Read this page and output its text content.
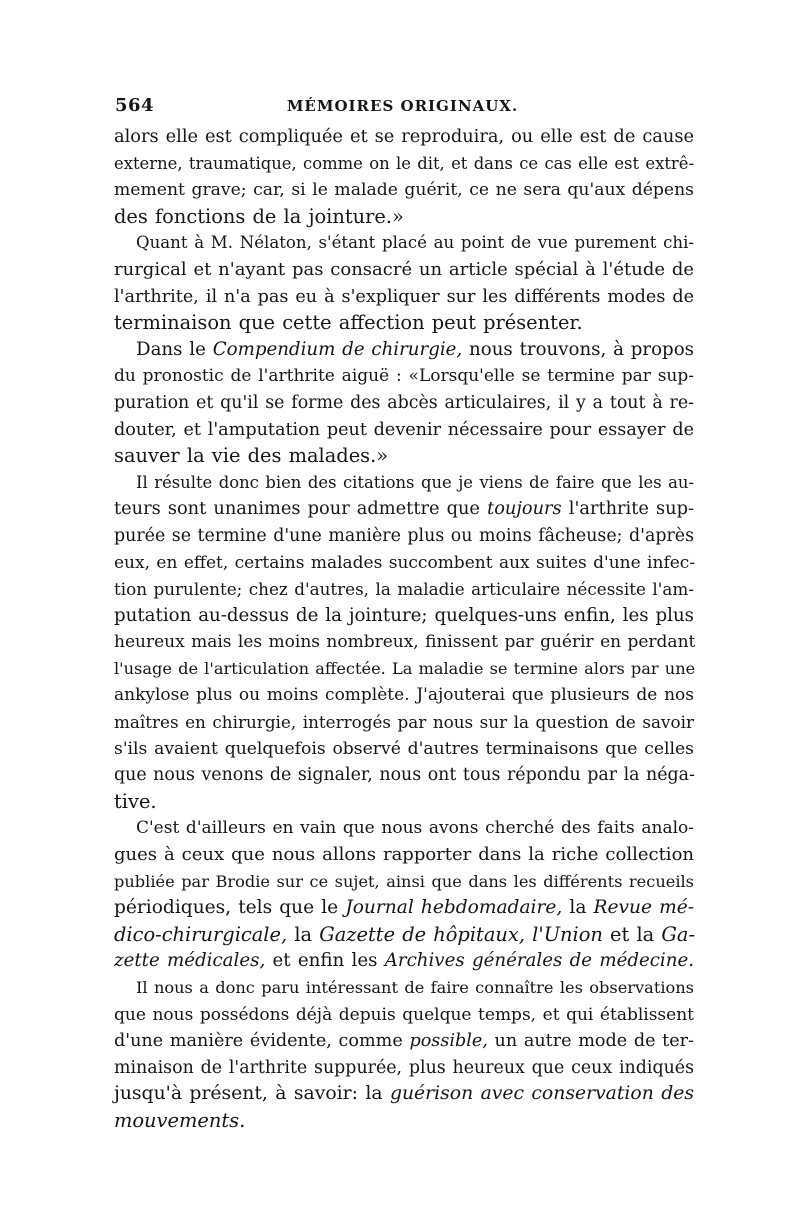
564	MÉMOIRES ORIGINAUX.
alors elle est compliquée et se reproduira, ou elle est de cause
externe, traumatique, comme on le dit, et dans ce cas elle est extrê-
mement grave; car, si le malade guérit, ce ne sera qu'aux dépens
des fonctions de la jointure.»
Quant à M. Nélaton, s'étant placé au point de vue purement chi-
rurgical et n'ayant pas consacré un article spécial à l'étude de
l'arthrite, il n'a pas eu à s'expliquer sur les différents modes de
terminaison que cette affection peut présenter.
Dans le Compendium de chirurgie, nous trouvons, à propos
du pronostic de l'arthrite aiguë : «Lorsqu'elle se termine par sup-
puration et qu'il se forme des abcès articulaires, il y a tout à re-
douter, et l'amputation peut devenir nécessaire pour essayer de
sauver la vie des malades.»
Il résulte donc bien des citations que je viens de faire que les au-
teurs sont unanimes pour admettre que toujours l'arthrite sup-
purée se termine d'une manière plus ou moins fâcheuse; d'après
eux, en effet, certains malades succombent aux suites d'une infec-
tion purulente; chez d'autres, la maladie articulaire nécessite l'am-
putation au-dessus de la jointure; quelques-uns enfin, les plus
heureux mais les moins nombreux, finissent par guérir en perdant
l'usage de l'articulation affectée. La maladie se termine alors par une
ankylose plus ou moins complète. J'ajouterai que plusieurs de nos
maîtres en chirurgie, interrogés par nous sur la question de savoir
s'ils avaient quelquefois observé d'autres terminaisons que celles
que nous venons de signaler, nous ont tous répondu par la néga-
tive.
C'est d'ailleurs en vain que nous avons cherché des faits analo-
gues à ceux que nous allons rapporter dans la riche collection
publiée par Brodie sur ce sujet, ainsi que dans les différents recueils
périodiques, tels que le Journal hebdomadaire, la Revue mé-
dico-chirurgicale, la Gazette de hôpitaux, l'Union et la Ga-
zette médicales, et enfin les Archives générales de médecine.
Il nous a donc paru intéressant de faire connaître les observations
que nous possédons déjà depuis quelque temps, et qui établissent
d'une manière évidente, comme possible, un autre mode de ter-
minaison de l'arthrite suppurée, plus heureux que ceux indiqués
jusqu'à présent, à savoir: la guérison avec conservation des
mouvements.
